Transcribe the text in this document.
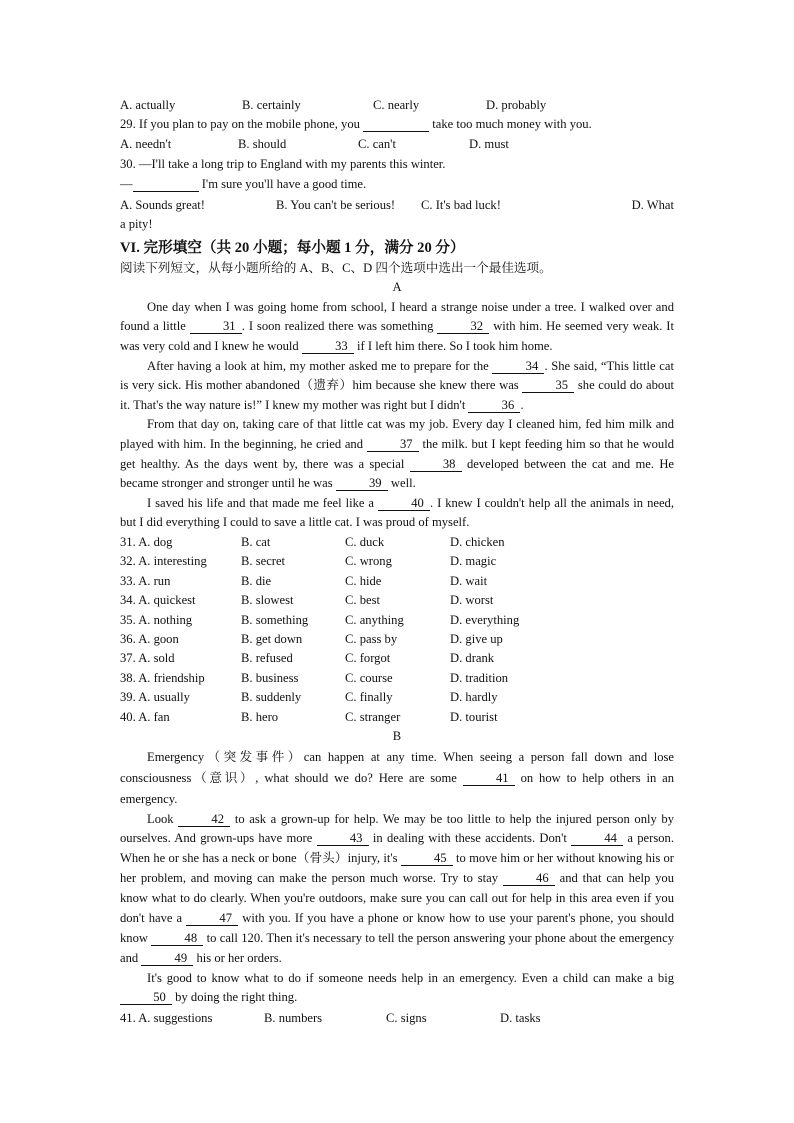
A. actually	B. certainly	C. nearly	D. probably
29. If you plan to pay on the mobile phone, you	take too much money with you.
A. needn't	B. should	C. can't	D. must
30. —I'll take a long trip to England with my parents this winter.
—	I'm sure you'll have a good time.
A. Sounds great!	B. You can't be serious!	C. It's bad luck!	D. What
a pity!
VI. 完形填空（共 20 小题；每小题 1 分，满分 20 分）
阅读下列短文，从每小题所给的 A、B、C、D 四个选项中选出一个最佳选项。
A
One day when I was going home from school, I heard a strange noise under a tree. I walked over and found a little	31 . I soon realized there was something	32 with him. He seemed very weak. It was very cold and I knew he would	33 if I left him there. So I took him home.
After having a look at him, my mother asked me to prepare for the	34 . She said, “This little cat is very sick. His mother abandoned（遗弃）him because she knew there was	35 she could do about it. That's the way nature is!” I knew my mother was right but I didn't	36 .
From that day on, taking care of that little cat was my job. Every day I cleaned him, fed him milk and played with him. In the beginning, he cried and	37 the milk. but I kept feeding him so that he would get healthy. As the days went by, there was a special	38 developed between the cat and me. He became stronger and stronger until he was	39 well.
I saved his life and that made me feel like a	40 . I knew I couldn't help all the animals in need, but I did everything I could to save a little cat. I was proud of myself.
31. A. dog	B. cat	C. duck	D. chicken
32. A. interesting	B. secret	C. wrong	D. magic
33. A. run	B. die	C. hide	D. wait
34. A. quickest	B. slowest	C. best	D. worst
35. A. nothing	B. something	C. anything	D. everything
36. A. goon	B. get down	C. pass by	D. give up
37. A. sold	B. refused	C. forgot	D. drank
38. A. friendship	B. business	C. course	D. tradition
39. A. usually	B. suddenly	C. finally	D. hardly
40. A. fan	B. hero	C. stranger	D. tourist
B
Emergency（突发事件）can happen at any time. When seeing a person fall down and lose consciousness（意识）, what should we do? Here are some	41 on how to help others in an emergency.
Look	42 to ask a grown-up for help. We may be too little to help the injured person only by ourselves. And grown-ups have more	43 in dealing with these accidents. Don't	44 a person. When he or she has a neck or bone（骨头）injury, it's	45 to move him or her without knowing his or her problem, and moving can make the person much worse. Try to stay	46 and that can help you know what to do clearly. When you're outdoors, make sure you can call out for help in this area even if you don't have a	47 with you. If you have a phone or know how to use your parent's phone, you should know	48 to call 120. Then it's necessary to tell the person answering your phone about the emergency and	49 his or her orders.
It's good to know what to do if someone needs help in an emergency. Even a child can make a big 50 by doing the right thing.
41. A. suggestions	B. numbers	C. signs	D. tasks
